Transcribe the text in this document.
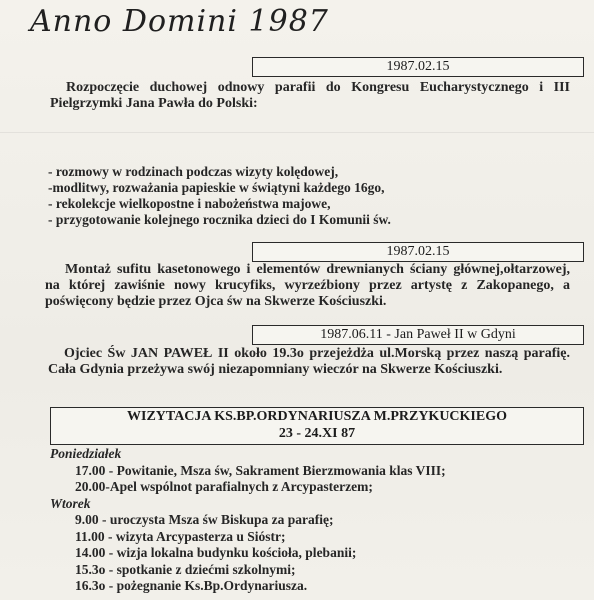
Anno Domini 1987
1987.02.15
Rozpoczęcie duchowej odnowy parafii do Kongresu Eucharystycznego i III Pielgrzymki Jana Pawła do Polski:
- rozmowy w rodzinach podczas wizyty kolędowej,
-modlitwy, rozważania papieskie w świątyni każdego 16go,
- rekolekcje wielkopostne i nabożeństwa majowe,
- przygotowanie kolejnego rocznika dzieci do I Komunii św.
1987.02.15
Montaż sufitu kasetonowego i elementów drewnianych ściany głównej,ołtarzowej, na której zawiśnie nowy krucyfiks, wyrzeźbiony przez artystę z Zakopanego, a poświęcony będzie przez Ojca św na Skwerze Kościuszki.
1987.06.11 - Jan Paweł II w Gdyni
Ojciec Św JAN PAWEŁ II około 19.3o przejeżdża ul.Morską przez naszą parafię. Cała Gdynia przeżywa swój niezapomniany wieczór na Skwerze Kościuszki.
WIZYTACJA KS.BP.ORDYNARIUSZA M.PRZYKUCKIEGO
23 - 24.XI 87
Poniedziałek
17.00 - Powitanie, Msza św, Sakrament Bierzmowania klas VIII;
20.00-Apel wspólnot parafialnych z Arcypasterzem;
Wtorek
9.00 - uroczysta Msza św Biskupa za parafię;
11.00 - wizyta Arcypasterza u Sióstr;
14.00 - wizja lokalna budynku kościoła, plebanii;
15.3o - spotkanie z dziećmi szkolnymi;
16.3o - pożegnanie Ks.Bp.Ordynariusza.
